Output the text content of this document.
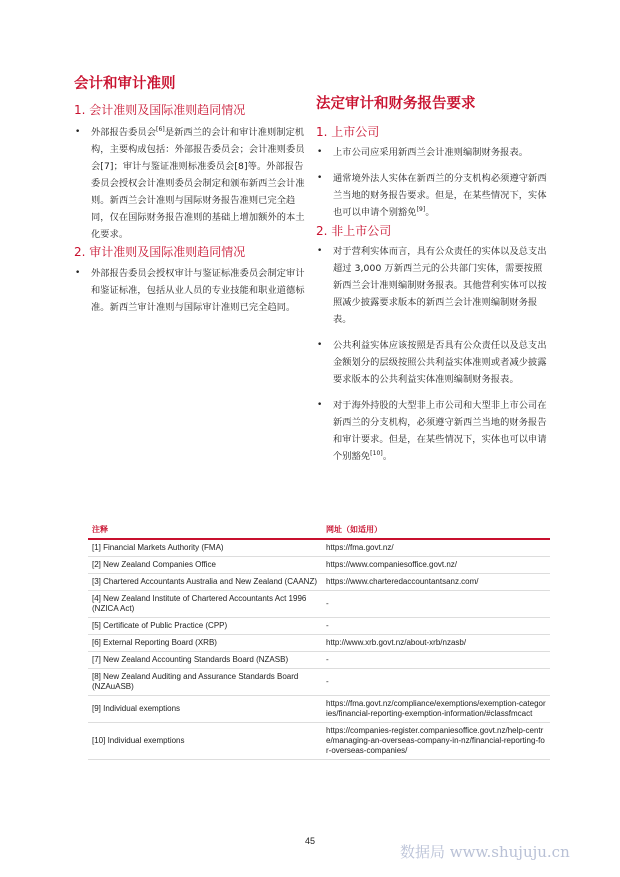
会计和审计准则
1. 会计准则及国际准则趋同情况
• 外部报告委员会[6]是新西兰的会计和审计准则制定机构，主要构成包括：外部报告委员会；会计准则委员会[7]；审计与鉴证准则标准委员会[8]等。外部报告委员会授权会计准则委员会制定和颁布新西兰会计准则。新西兰会计准则与国际财务报告准则已完全趋同，仅在国际财务报告准则的基础上增加额外的本土化要求。
2. 审计准则及国际准则趋同情况
• 外部报告委员会授权审计与鉴证标准委员会制定审计和鉴证标准，包括从业人员的专业技能和职业道德标准。新西兰审计准则与国际审计准则已完全趋同。
法定审计和财务报告要求
1. 上市公司
• 上市公司应采用新西兰会计准则编制财务报表。
• 通常境外法人实体在新西兰的分支机构必须遵守新西兰当地的财务报告要求。但是，在某些情况下，实体也可以申请个别豁免[9]。
2. 非上市公司
• 对于营利实体而言，具有公众责任的实体以及总支出超过 3,000 万新西兰元的公共部门实体，需要按照新西兰会计准则编制财务报表。其他营利实体可以按照减少披露要求版本的新西兰会计准则编制财务报表。
• 公共利益实体应该按照是否具有公众责任以及总支出金额划分的层级按照公共利益实体准则或者减少披露要求版本的公共利益实体准则编制财务报表。
• 对于海外持股的大型非上市公司和大型非上市公司在新西兰的分支机构，必须遵守新西兰当地的财务报告和审计要求。但是，在某些情况下，实体也可以申请个别豁免[10]。
注释	网址（如适用）
[1] Financial Markets Authority (FMA)	https://fma.govt.nz/
[2] New Zealand Companies Office	https://www.companiesoffice.govt.nz/
[3] Chartered Accountants Australia and New Zealand (CAANZ)	https://www.charteredaccountantsanz.com/
[4] New Zealand Institute of Chartered Accountants Act 1996 (NZICA Act)	-
[5] Certificate of Public Practice (CPP)	-
[6] External Reporting Board (XRB)	http://www.xrb.govt.nz/about-xrb/nzasb/
[7] New Zealand Accounting Standards Board (NZASB)	-
[8] New Zealand Auditing and Assurance Standards Board (NZAuASB)	-
[9] Individual exemptions	https://fma.govt.nz/compliance/exemptions/exemption-categories/financial-reporting-exemption-information/#classfmcact
[10] Individual exemptions	https://companies-register.companiesoffice.govt.nz/help-centre/managing-an-overseas-company-in-nz/financial-reporting-for-overseas-companies/
45
数据局 www.shujuju.cn
